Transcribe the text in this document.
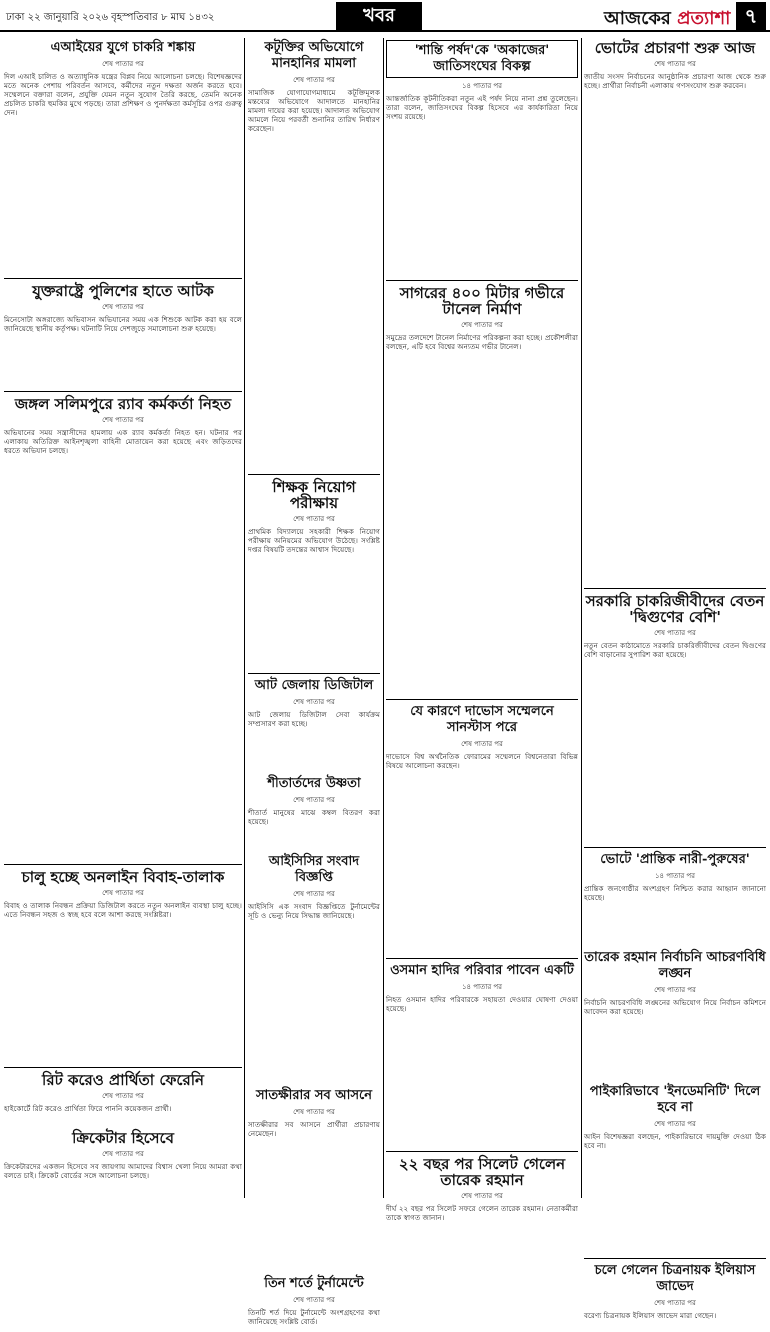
ঢাকা ২২ জানুয়ারি ২০২৬ বৃহস্পতিবার ৮ মাঘ ১৪৩২	খবর	আজকের প্রত্যাশা ৭
এআইয়ের যুগে চাকরি শঙ্কায়
শেষ পাতার পর
দিল এআই চালিত ও অত্যাধুনিক যন্ত্রের বিপ্লব নিয়ে আলোচনা চলছে। বিশেষজ্ঞদের মতে অনেক পেশায় পরিবর্তন আসবে, কর্মীদের নতুন দক্ষতা অর্জন করতে হবে। সম্মেলনে বক্তারা বলেন, প্রযুক্তি যেমন নতুন সুযোগ তৈরি করছে, তেমনি অনেক প্রচলিত চাকরি হুমকির মুখে পড়ছে। তারা প্রশিক্ষণ ও পুনর্দক্ষতা কর্মসূচির ওপর গুরুত্ব দেন।
যুক্তরাষ্ট্রে পুলিশের হাতে আটক
শেষ পাতার পর
মিনেসোটা অঙ্গরাজ্যে অভিবাসন অভিযানের সময় এক শিশুকে আটক করা হয় বলে জানিয়েছে স্থানীয় কর্তৃপক্ষ। ঘটনাটি নিয়ে দেশজুড়ে সমালোচনা শুরু হয়েছে।
জঙ্গল সলিমপুরে র‍্যাব কর্মকর্তা নিহত
শেষ পাতার পর
অভিযানের সময় সন্ত্রাসীদের হামলায় এক র‍্যাব কর্মকর্তা নিহত হন। ঘটনার পর এলাকায় অতিরিক্ত আইনশৃঙ্খলা বাহিনী মোতায়েন করা হয়েছে এবং জড়িতদের ধরতে অভিযান চলছে।
চালু হচ্ছে অনলাইন বিবাহ-তালাক
শেষ পাতার পর
বিবাহ ও তালাক নিবন্ধন প্রক্রিয়া ডিজিটাল করতে নতুন অনলাইন ব্যবস্থা চালু হচ্ছে। এতে নিবন্ধন সহজ ও স্বচ্ছ হবে বলে আশা করছে সংশ্লিষ্টরা।
রিট করেও প্রার্থিতা ফেরেনি
শেষ পাতার পর
হাইকোর্টে রিট করেও প্রার্থিতা ফিরে পাননি কয়েকজন প্রার্থী।
ক্রিকেটার হিসেবে
শেষ পাতার পর
ক্রিকেটারদের একজন হিসেবে সব জায়গায় আমাদের বিশ্বাস খেলা নিয়ে আমরা কথা বলতে চাই। ক্রিকেট বোর্ডের সঙ্গে আলোচনা চলছে।
কটূক্তির অভিযোগে মানহানির মামলা
শেষ পাতার পর
সামাজিক যোগাযোগমাধ্যমে কটূক্তিমূলক মন্তব্যের অভিযোগে আদালতে মানহানির মামলা দায়ের করা হয়েছে। আদালত অভিযোগ আমলে নিয়ে পরবর্তী শুনানির তারিখ নির্ধারণ করেছেন।
শিক্ষক নিয়োগ পরীক্ষায়
শেষ পাতার পর
প্রাথমিক বিদ্যালয়ে সহকারী শিক্ষক নিয়োগ পরীক্ষায় অনিয়মের অভিযোগ উঠেছে। সংশ্লিষ্ট দপ্তর বিষয়টি তদন্তের আশ্বাস দিয়েছে।
আট জেলায় ডিজিটাল
শেষ পাতার পর
আট জেলায় ডিজিটাল সেবা কার্যক্রম সম্প্রসারণ করা হচ্ছে।
শীতার্তদের উষ্ণতা
শেষ পাতার পর
শীতার্ত মানুষের মাঝে কম্বল বিতরণ করা হয়েছে।
আইসিসির সংবাদ বিজ্ঞপ্তি
শেষ পাতার পর
আইসিসি এক সংবাদ বিজ্ঞপ্তিতে টুর্নামেন্টের সূচি ও ভেন্যু নিয়ে সিদ্ধান্ত জানিয়েছে।
সাতক্ষীরার সব আসনে
শেষ পাতার পর
সাতক্ষীরার সব আসনে প্রার্থীরা প্রচারণায় নেমেছেন।
তিন শর্তে টুর্নামেন্টে
শেষ পাতার পর
তিনটি শর্ত দিয়ে টুর্নামেন্টে অংশগ্রহণের কথা জানিয়েছে সংশ্লিষ্ট বোর্ড।
'শান্তি পর্ষদ'কে 'অকাজের' জাতিসংঘের বিকল্প
১৪ পাতার পর
আন্তর্জাতিক কূটনীতিকরা নতুন এই পর্ষদ নিয়ে নানা প্রশ্ন তুলেছেন। তারা বলেন, জাতিসংঘের বিকল্প হিসেবে এর কার্যকারিতা নিয়ে সংশয় রয়েছে।
সাগরের ৪০০ মিটার গভীরে টানেল নির্মাণ
শেষ পাতার পর
সমুদ্রের তলদেশে টানেল নির্মাণের পরিকল্পনা করা হচ্ছে। প্রকৌশলীরা বলছেন, এটি হবে বিশ্বের অন্যতম গভীর টানেল।
যে কারণে দাভোস সম্মেলনে সানস্টাস পরে
শেষ পাতার পর
দাভোসে বিশ্ব অর্থনৈতিক ফোরামের সম্মেলনে বিশ্বনেতারা বিভিন্ন বিষয়ে আলোচনা করছেন।
ওসমান হাদির পরিবার পাবেন একটি
১৪ পাতার পর
নিহত ওসমান হাদির পরিবারকে সহায়তা দেওয়ার ঘোষণা দেওয়া হয়েছে।
২২ বছর পর সিলেট গেলেন তারেক রহমান
শেষ পাতার পর
দীর্ঘ ২২ বছর পর সিলেট সফরে গেলেন তারেক রহমান। নেতাকর্মীরা তাকে স্বাগত জানান।
ভোটের প্রচারণা শুরু আজ
শেষ পাতার পর
জাতীয় সংসদ নির্বাচনের আনুষ্ঠানিক প্রচারণা আজ থেকে শুরু হচ্ছে। প্রার্থীরা নির্বাচনী এলাকায় গণসংযোগ শুরু করবেন।
সরকারি চাকরিজীবীদের বেতন 'দ্বিগুণের বেশি'
শেষ পাতার পর
নতুন বেতন কাঠামোতে সরকারি চাকরিজীবীদের বেতন দ্বিগুণের বেশি বাড়ানোর সুপারিশ করা হয়েছে।
ভোটে 'প্রান্তিক নারী-পুরুষের'
১৪ পাতার পর
প্রান্তিক জনগোষ্ঠীর অংশগ্রহণ নিশ্চিত করার আহ্বান জানানো হয়েছে।
তারেক রহমান নির্বাচনি আচরণবিধি লঙ্ঘন
শেষ পাতার পর
নির্বাচনি আচরণবিধি লঙ্ঘনের অভিযোগ নিয়ে নির্বাচন কমিশনে আবেদন করা হয়েছে।
পাইকারিভাবে 'ইনডেমনিটি' দিলে হবে না
শেষ পাতার পর
আইন বিশেষজ্ঞরা বলছেন, পাইকারিভাবে দায়মুক্তি দেওয়া ঠিক হবে না।
চলে গেলেন চিত্রনায়ক ইলিয়াস জাভেদ
শেষ পাতার পর
বরেণ্য চিত্রনায়ক ইলিয়াস জাভেদ মারা গেছেন।
